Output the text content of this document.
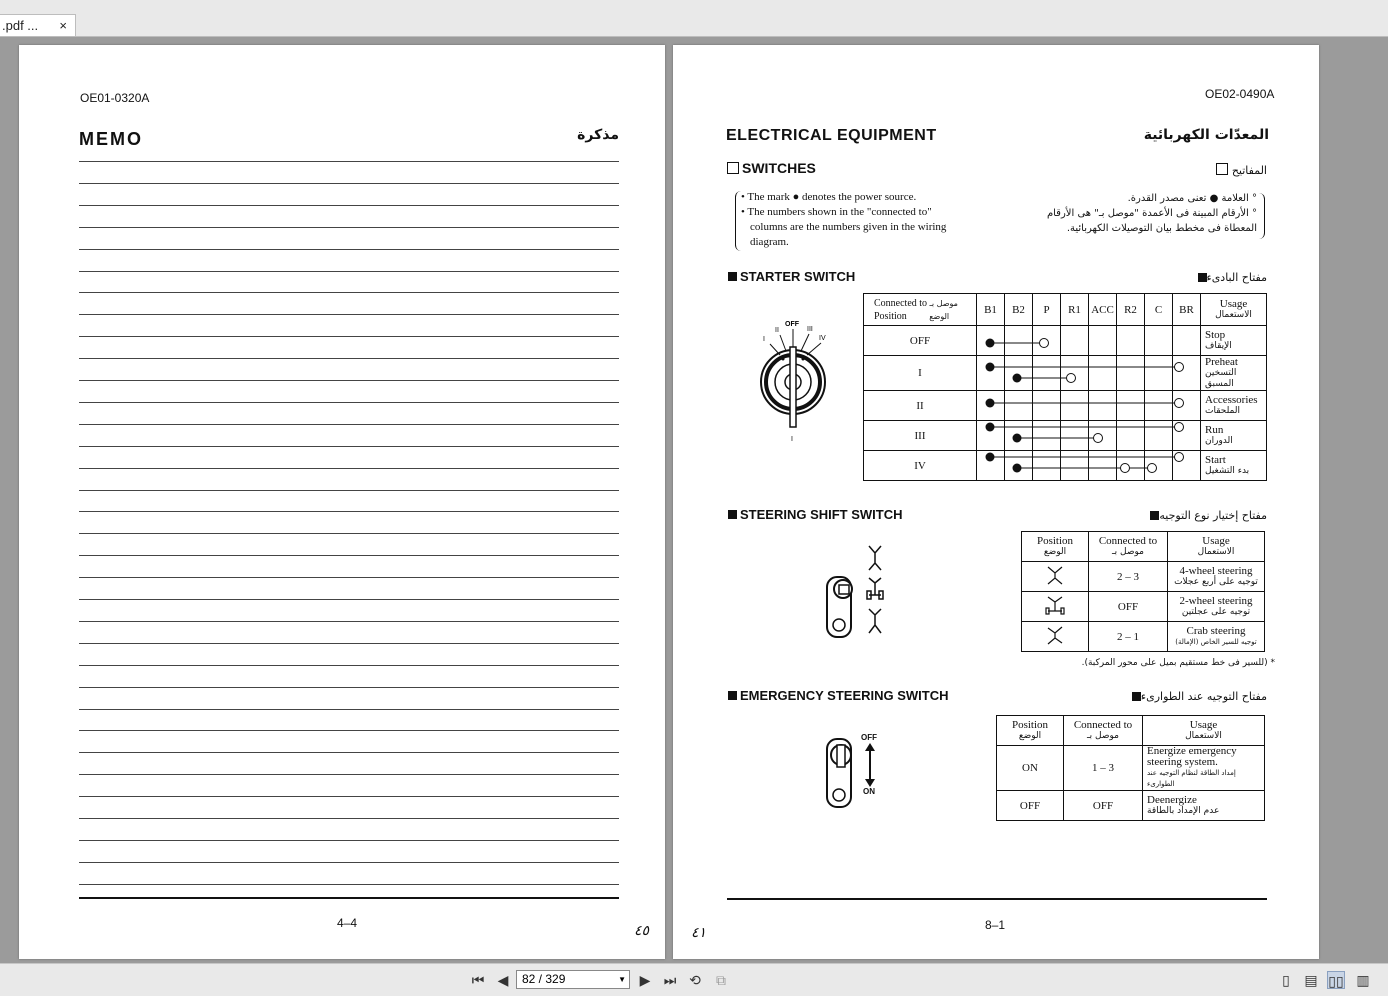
.pdf ... ×
OE01-0320A
MEMO	مذكرة
4–4	٤٥
OE02-0490A
ELECTRICAL EQUIPMENT	المعدّات الكهربائية
SWITCHES	المفاتيح
• The mark ● denotes the power source.
• The numbers shown in the "connected to"
columns are the numbers given in the wiring
diagram.
° العلامة ● تعنى مصدر القدرة.
° الأرقام المبينة فى الأعمدة "موصل بـ" هى الأرقام
المعطاة فى مخطط بيان التوصيلات الكهربائية.
STARTER SWITCH	مفتاح البادىء
I
II
OFF
III
IV
I
Connected to موصل بـ
Position الوضع	B1	B2	P	R1	ACC	R2	C	BR	Usage
الاستعمال

OFF									Stop
الإيقاف

I									Preheat
التسخين المسبق

II									Accessories
الملحقات

III									Run
الدوران

IV									Start
بدء التشغيل
STEERING SHIFT SWITCH	مفتاح إختيار نوع التوجيه
Position
الوضع	Connected to
موصل بـ	Usage
الاستعمال

	2 – 3	4-wheel steering
توجيه على أربع عجلات

	OFF	2-wheel steering
توجيه على عجلتين

	2 – 1	Crab steering
توجيه للسير الخاص (الإمالة)
* (للسير فى خط مستقيم بميل على محور المركبة).
EMERGENCY STEERING SWITCH	مفتاح التوجيه عند الطوارىء
OFF
ON
Position
الوضع	Connected to
موصل بـ	Usage
الاستعمال

ON	1 – 3	Energize emergency steering system.
إمداد الطاقة لنظام التوجيه عند الطوارىء

OFF	OFF	Deenergize
عدم الإمداد بالطاقة
8–1
٤١
⏮ ◀	82 / 329	▼ ▶ ⏭ ⟲ ⧉	▯	▤ ▯▯ ▥
